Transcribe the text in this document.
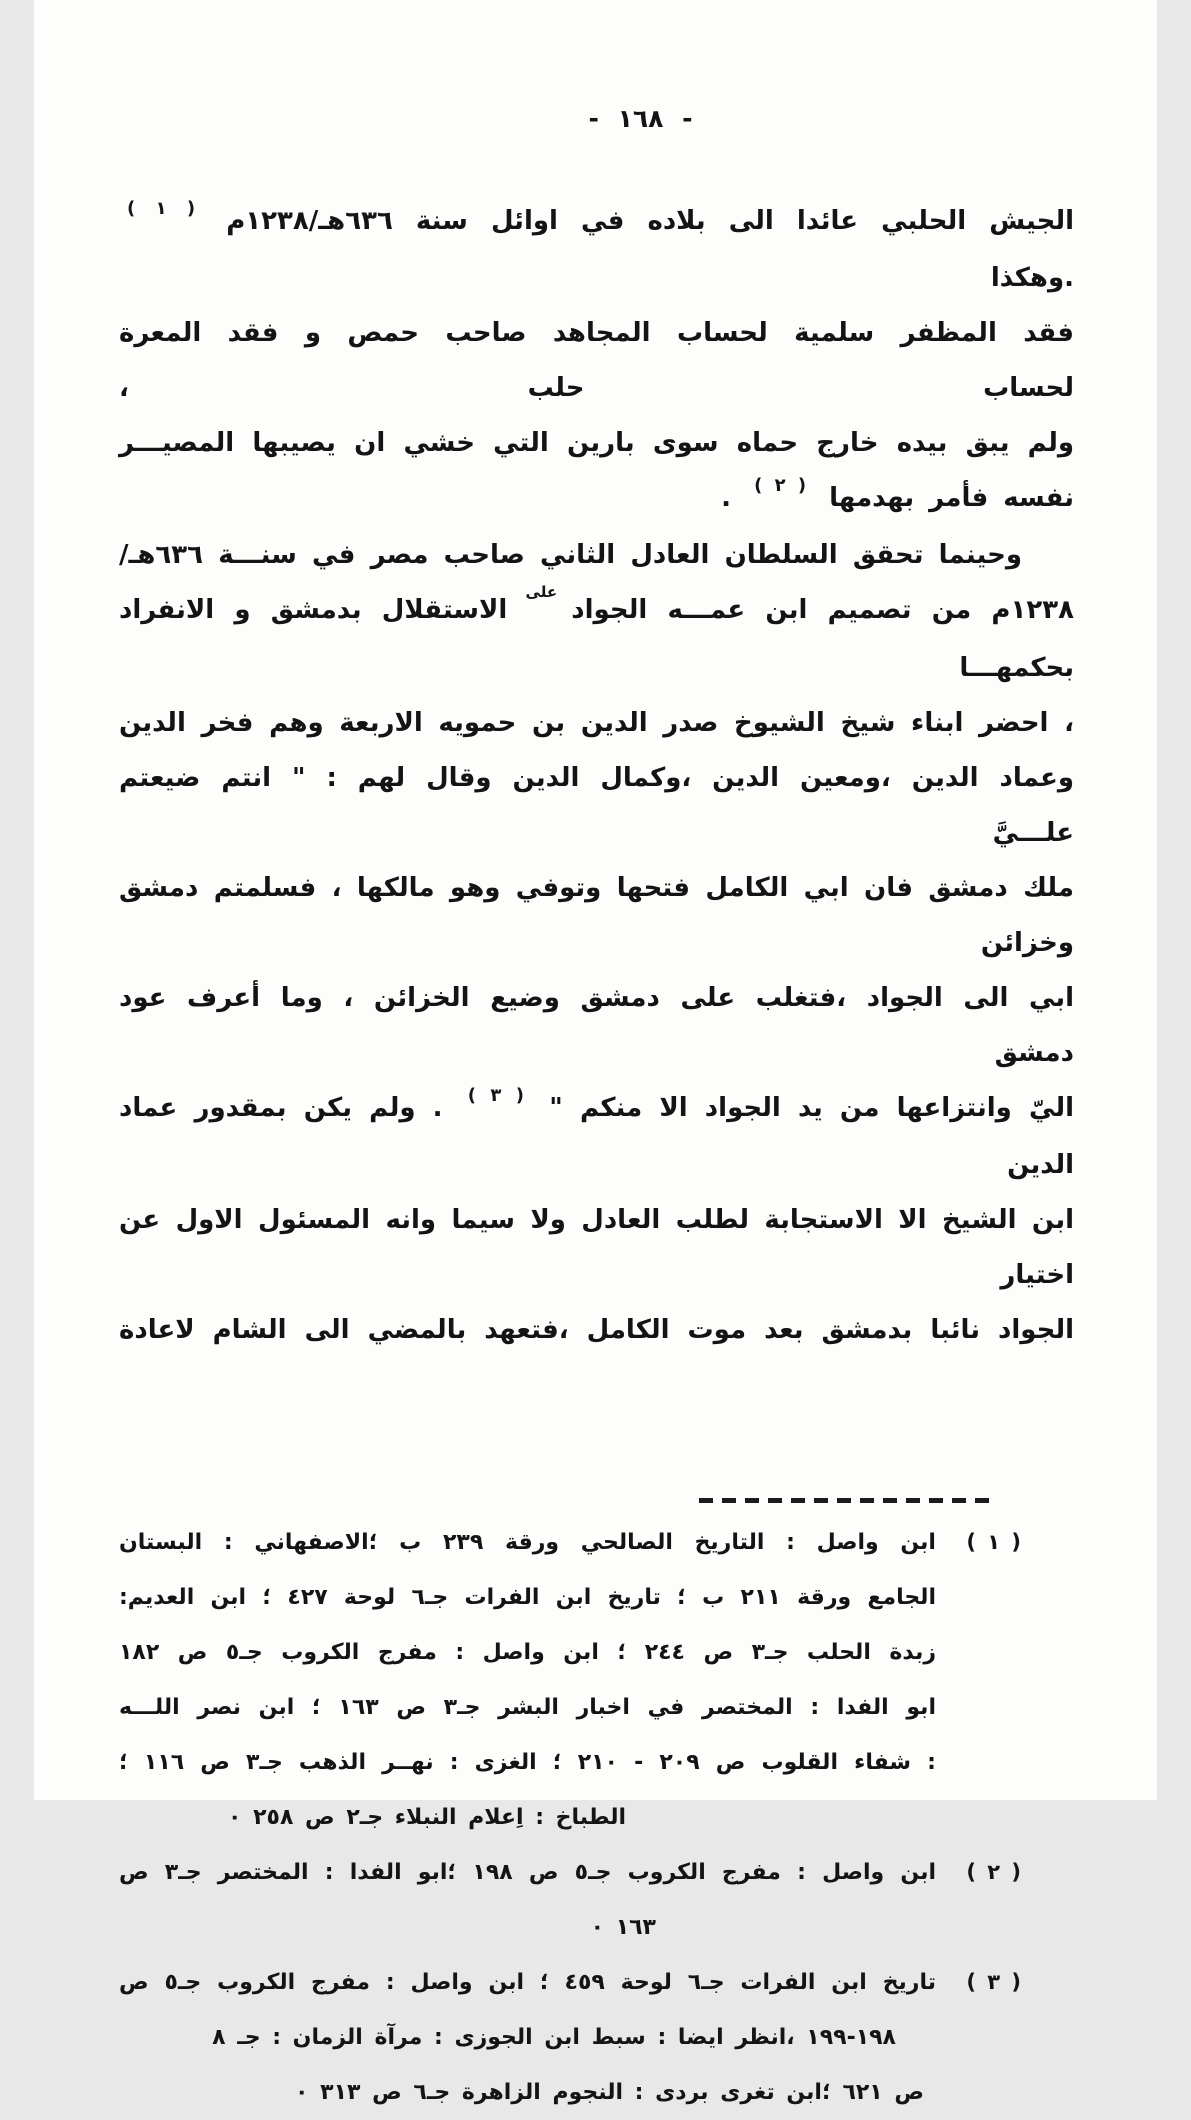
- ١٦٨ -
الجيش الحلبي عائدا الى بلاده في اوائل سنة ٦٣٦هـ/١٢٣٨م $^{( ١ )}$ .وهكذا
فقد المظفر سلمية لحساب المجاهد صاحب حمص و فقد المعرة لحساب حلب ،
ولم يبق بيده خارج حماه سوى بارين التي خشي ان يصيبها المصيـــر
نفسه فأمر بهدمها $^{( ٢ )}$ .
وحينما تحقق السلطان العادل الثاني صاحب مصر في سنـــة ٦٣٦هـ/
١٢٣٨م من تصميم ابن عمـــه الجواد $^{على}$ الاستقلال بدمشق و الانفراد بحكمهـــا
، احضر ابناء شيخ الشيوخ صدر الدين بن حمويه الاربعة وهم فخر الدين
وعماد الدين ،ومعين الدين ،وكمال الدين وقال لهم : " انتم ضيعتم علـــيَّ
ملك دمشق فان ابي الكامل فتحها وتوفي وهو مالكها ، فسلمتم دمشق وخزائن
ابي الى الجواد ،فتغلب على دمشق وضيع الخزائن ، وما أعرف عود دمشق
اليّ وانتزاعها من يد الجواد الا منكم " $^{( ٣ )}$ . ولم يكن بمقدور عماد الدين
ابن الشيخ الا الاستجابة لطلب العادل ولا سيما وانه المسئول الاول عن اختيار
الجواد نائبا بدمشق بعد موت الكامل ،فتعهد بالمضي الى الشام لاعادة
( ١ )
ابن واصل : التاريخ الصالحي ورقة ٢٣٩ ب ؛الاصفهاني : البستان
الجامع ورقة ٢١١ ب ؛ تاريخ ابن الفرات جـ٦ لوحة ٤٢٧ ؛ ابن العديم:
زبدة الحلب جـ٣ ص ٢٤٤ ؛ ابن واصل : مفرج الكروب جـ٥ ص ١٨٢
ابو الفدا : المختصر في اخبار البشر جـ٣ ص ١٦٣ ؛ ابن نصر اللـــه
: شفاء القلوب ص ٢٠٩ - ٢١٠ ؛ الغزى : نهــر الذهب جـ٣ ص ١١٦ ؛
الطباخ : اِعلام النبلاء جـ٢ ص ٢٥٨ ٠
( ٢ )
ابن واصل : مفرج الكروب جـ٥ ص ١٩٨ ؛ابو الفدا : المختصر جـ٣ ص
١٦٣ ٠
( ٣ )
تاريخ ابن الفرات جـ٦ لوحة ٤٥٩ ؛ ابن واصل : مفرج الكروب جـ٥ ص
١٩٨-١٩٩ ،انظر ايضا : سبط ابن الجوزى : مرآة الزمان : جـ ٨
ص ٦٢١ ؛ابن تغرى بردى : النجوم الزاهرة جـ٦ ص ٣١٣ ٠
